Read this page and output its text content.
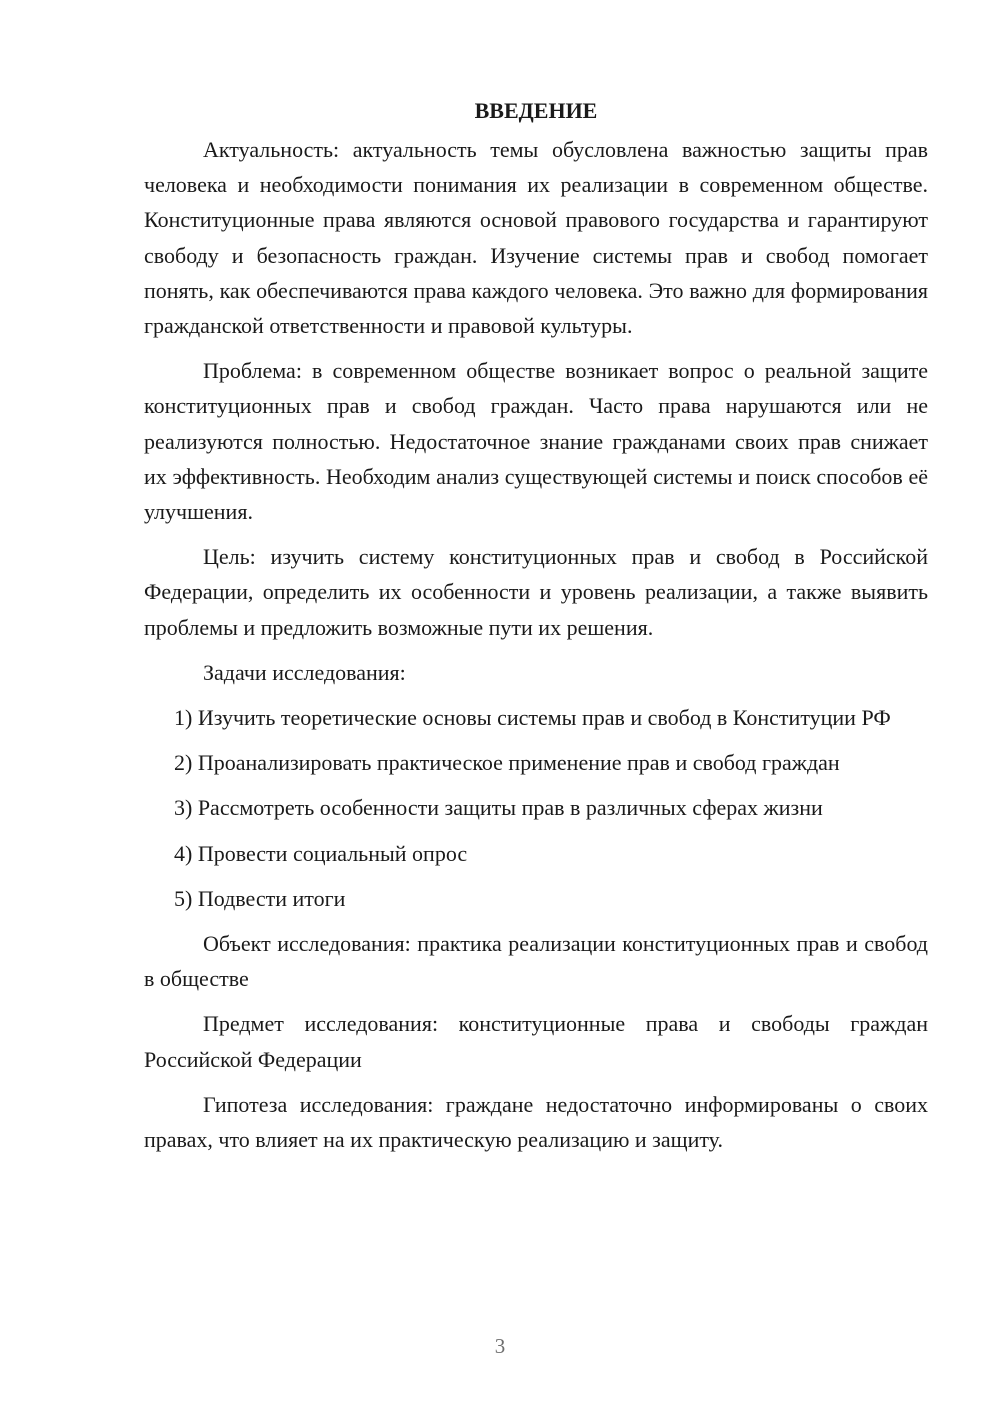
ВВЕДЕНИЕ

Актуальность: актуальность темы обусловлена важностью защиты прав человека и необходимости понимания их реализации в современном обществе. Конституционные права являются основой правового государства и гарантируют свободу и безопасность граждан. Изучение системы прав и свобод помогает понять, как обеспечиваются права каждого человека. Это важно для формирования гражданской ответственности и правовой культуры.

Проблема: в современном обществе возникает вопрос о реальной защите конституционных прав и свобод граждан. Часто права нарушаются или не реализуются полностью. Недостаточное знание гражданами своих прав снижает их эффективность. Необходим анализ существующей системы и поиск способов её улучшения.

Цель: изучить систему конституционных прав и свобод в Российской Федерации, определить их особенности и уровень реализации, а также выявить проблемы и предложить возможные пути их решения.

Задачи исследования:

1) Изучить теоретические основы системы прав и свобод в Конституции РФ

2) Проанализировать практическое применение прав и свобод граждан

3) Рассмотреть особенности защиты прав в различных сферах жизни

4) Провести социальный опрос

5) Подвести итоги

Объект исследования: практика реализации конституционных прав и свобод в обществе

Предмет исследования: конституционные права и свободы граждан Российской Федерации

Гипотеза исследования: граждане недостаточно информированы о своих правах, что влияет на их практическую реализацию и защиту.

3
